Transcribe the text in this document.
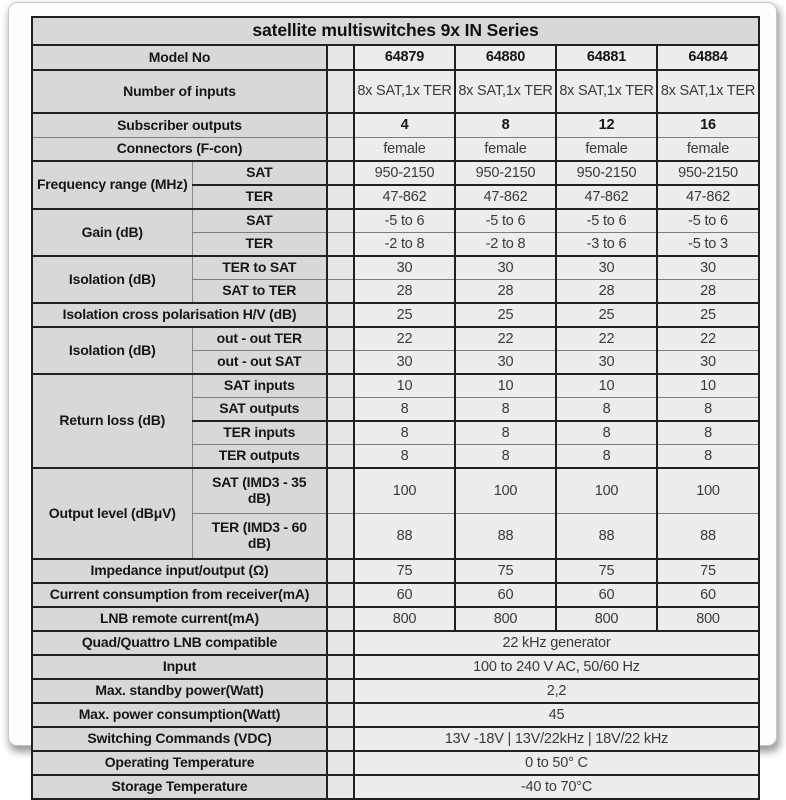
satellite multiswitches 9x IN Series						
Model No			64879	64880	64881	64884
Number of inputs			8x SAT,1x TER	8x SAT,1x TER	8x SAT,1x TER	8x SAT,1x TER
Subscriber outputs			4	8	12	16
Connectors (F-con)			female	female	female	female
Frequency range (MHz)	SAT		950-2150	950-2150	950-2150	950-2150
	TER		47-862	47-862	47-862	47-862
Gain (dB)	SAT		-5 to 6	-5 to 6	-5 to 6	-5 to 6
	TER		-2 to 8	-2 to 8	-3 to 6	-5 to 3
Isolation (dB)	TER to SAT		30	30	30	30
	SAT to TER		28	28	28	28
Isolation cross polarisation H/V (dB)			25	25	25	25
Isolation (dB)	out - out TER		22	22	22	22
	out - out SAT		30	30	30	30
Return loss (dB)	SAT inputs		10	10	10	10
	SAT outputs		8	8	8	8
	TER inputs		8	8	8	8
	TER outputs		8	8	8	8
Output level (dBμV)	SAT (IMD3 - 35 dB)		100	100	100	100
	TER (IMD3 - 60 dB)		88	88	88	88
Impedance input/output (Ω)			75	75	75	75
Current consumption from receiver(mA)			60	60	60	60
LNB remote current(mA)			800	800	800	800
Quad/Quattro LNB compatible			22 kHz generator			
Input			100 to 240 V AC, 50/60 Hz			
Max. standby power(Watt)			2,2			
Max. power consumption(Watt)			45			
Switching Commands (VDC)			13V -18V | 13V/22kHz | 18V/22 kHz			
Operating Temperature			0 to 50° C			
Storage Temperature			-40 to 70°C			
